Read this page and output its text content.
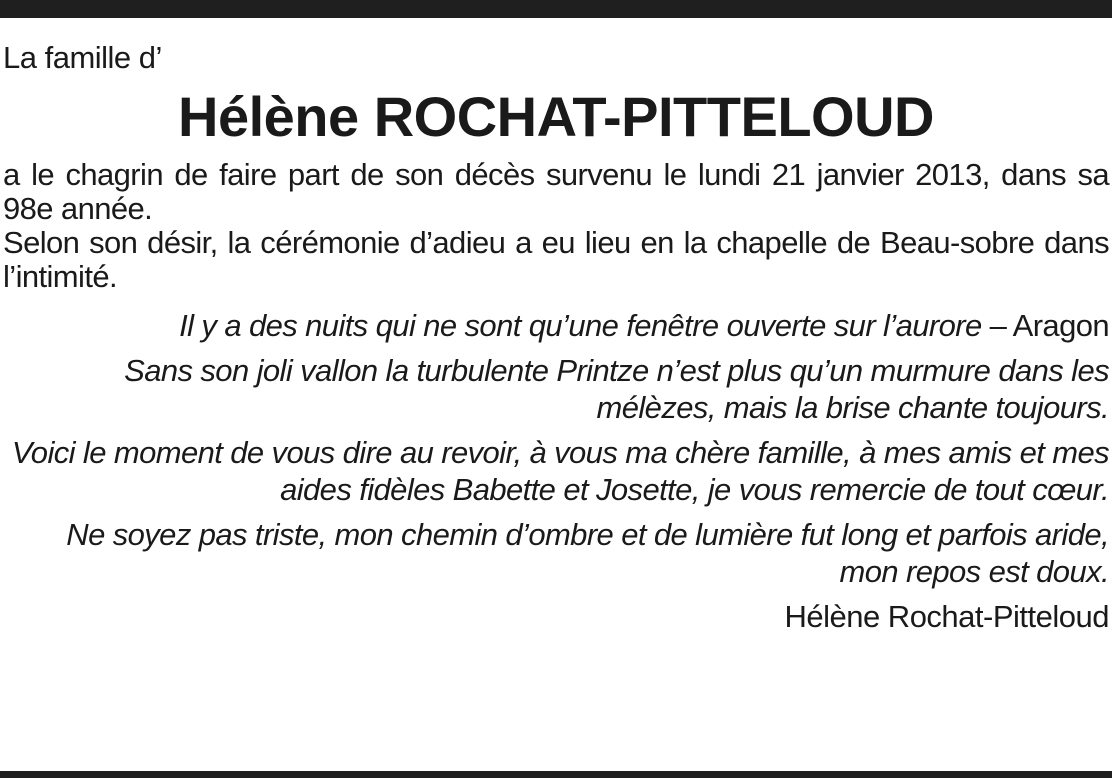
La famille d’

Hélène ROCHAT-PITTELOUD

a le chagrin de faire part de son décès survenu le lundi 21 janvier 2013, dans sa 98e année.

Selon son désir, la cérémonie d’adieu a eu lieu en la chapelle de Beau-sobre dans l’intimité.

Il y a des nuits qui ne sont qu’une fenêtre ouverte sur l’aurore – Aragon

Sans son joli vallon la turbulente Printze n’est plus qu’un murmure dans les mélèzes, mais la brise chante toujours.

Voici le moment de vous dire au revoir, à vous ma chère famille, à mes amis et mes aides fidèles Babette et Josette, je vous remercie de tout cœur.

Ne soyez pas triste, mon chemin d’ombre et de lumière fut long et parfois aride, mon repos est doux.

Hélène Rochat-Pitteloud
